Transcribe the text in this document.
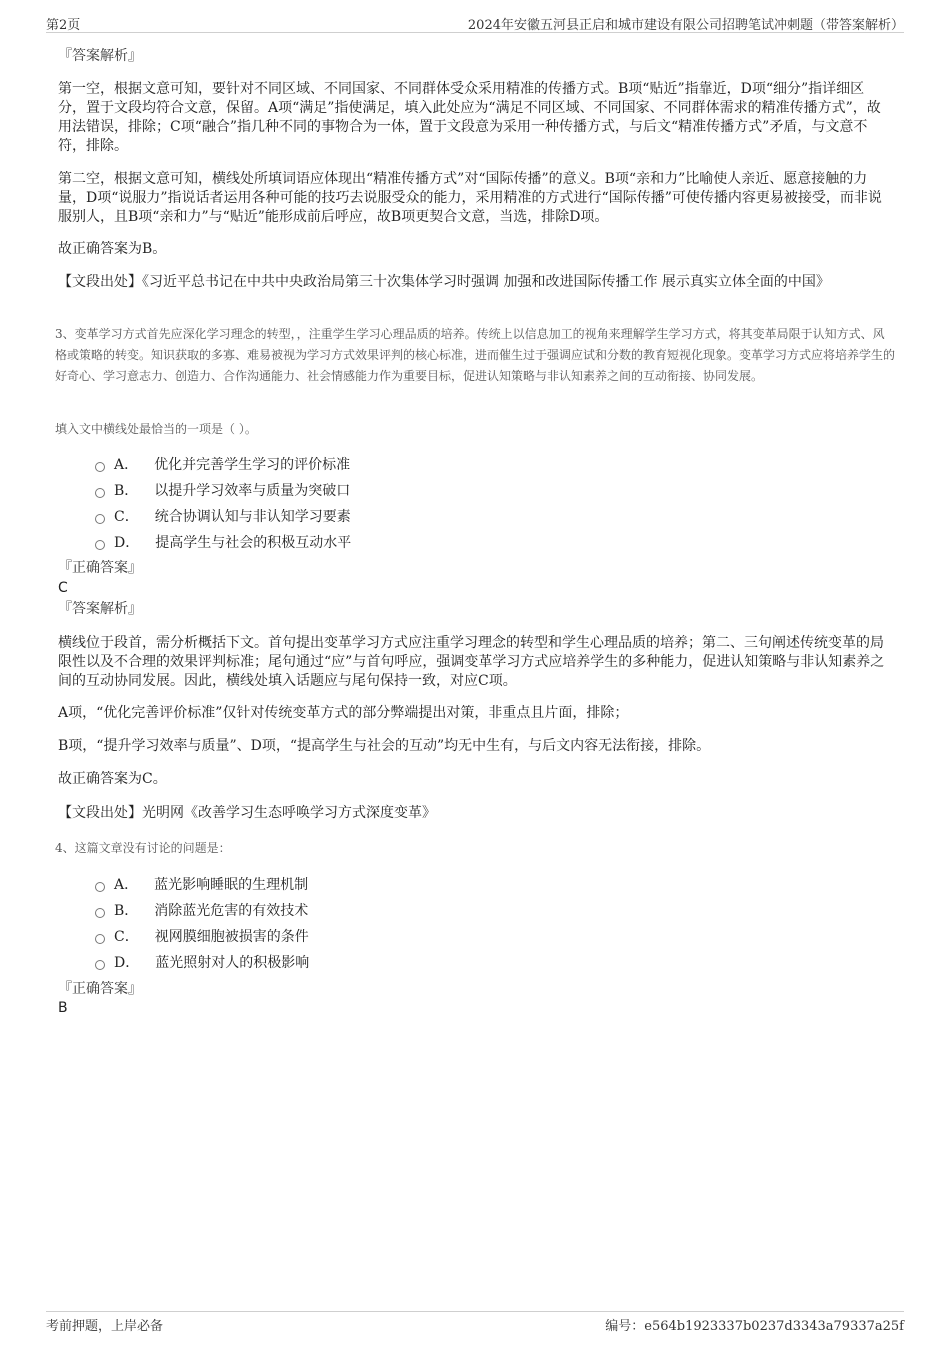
第2页	2024年安徽五河县正启和城市建设有限公司招聘笔试冲刺题（带答案解析）
『答案解析』
第一空，根据文意可知，要针对不同区域、不同国家、不同群体受众采用精准的传播方式。B项“贴近”指靠近，D项“细分”指详细区分，置于文段均符合文意，保留。A项“满足”指使满足，填入此处应为“满足不同区域、不同国家、不同群体需求的精准传播方式”，故用法错误，排除；C项“融合”指几种不同的事物合为一体，置于文段意为采用一种传播方式，与后文“精准传播方式”矛盾，与文意不符，排除。
第二空，根据文意可知，横线处所填词语应体现出“精准传播方式”对“国际传播”的意义。B项“亲和力”比喻使人亲近、愿意接触的力量，D项“说服力”指说话者运用各种可能的技巧去说服受众的能力，采用精准的方式进行“国际传播”可使传播内容更易被接受，而非说服别人，且B项“亲和力”与“贴近”能形成前后呼应，故B项更契合文意，当选，排除D项。
故正确答案为B。
【文段出处】《习近平总书记在中共中央政治局第三十次集体学习时强调 加强和改进国际传播工作 展示真实立体全面的中国》
3、变革学习方式首先应深化学习理念的转型，，注重学生学习心理品质的培养。传统上以信息加工的视角来理解学生学习方式，将其变革局限于认知方式、风格或策略的转变。知识获取的多寡、难易被视为学习方式效果评判的核心标准，进而催生过于强调应试和分数的教育短视化现象。变革学习方式应将培养学生的好奇心、学习意志力、创造力、合作沟通能力、社会情感能力作为重要目标，促进认知策略与非认知素养之间的互动衔接、协同发展。
填入文中横线处最恰当的一项是（ ）。
A． 优化并完善学生学习的评价标准
B． 以提升学习效率与质量为突破口
C． 统合协调认知与非认知学习要素
D． 提高学生与社会的积极互动水平
『正确答案』
C
『答案解析』
横线位于段首，需分析概括下文。首句提出变革学习方式应注重学习理念的转型和学生心理品质的培养；第二、三句阐述传统变革的局限性以及不合理的效果评判标准；尾句通过“应”与首句呼应，强调变革学习方式应培养学生的多种能力，促进认知策略与非认知素养之间的互动协同发展。因此，横线处填入话题应与尾句保持一致，对应C项。
A项，“优化完善评价标准”仅针对传统变革方式的部分弊端提出对策，非重点且片面，排除；
B项，“提升学习效率与质量”、D项，“提高学生与社会的互动”均无中生有，与后文内容无法衔接，排除。
故正确答案为C。
【文段出处】光明网《改善学习生态呼唤学习方式深度变革》
4、这篇文章没有讨论的问题是：
A． 蓝光影响睡眠的生理机制
B． 消除蓝光危害的有效技术
C． 视网膜细胞被损害的条件
D． 蓝光照射对人的积极影响
『正确答案』
B
考前押题，上岸必备	编号：e564b1923337b0237d3343a79337a25f
